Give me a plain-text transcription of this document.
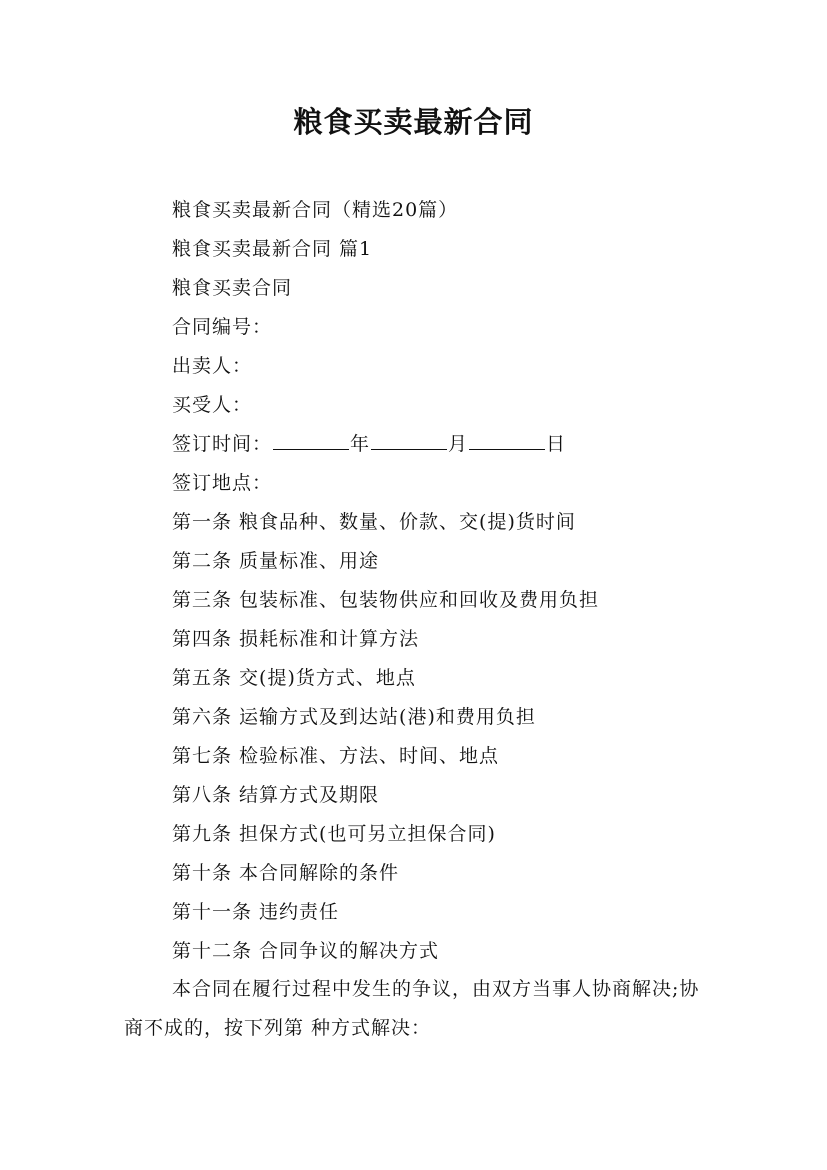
粮食买卖最新合同
粮食买卖最新合同（精选20篇）
粮食买卖最新合同 篇1
粮食买卖合同
合同编号：
出卖人：
买受人：
签订时间：	年	月	日
签订地点：
第一条 粮食品种、数量、价款、交(提)货时间
第二条 质量标准、用途
第三条 包装标准、包装物供应和回收及费用负担
第四条 损耗标准和计算方法
第五条 交(提)货方式、地点
第六条 运输方式及到达站(港)和费用负担
第七条 检验标准、方法、时间、地点
第八条 结算方式及期限
第九条 担保方式(也可另立担保合同)
第十条 本合同解除的条件
第十一条 违约责任
第十二条 合同争议的解决方式

本合同在履行过程中发生的争议，由双方当事人协商解决;协商不成的，按下列第 种方式解决：
